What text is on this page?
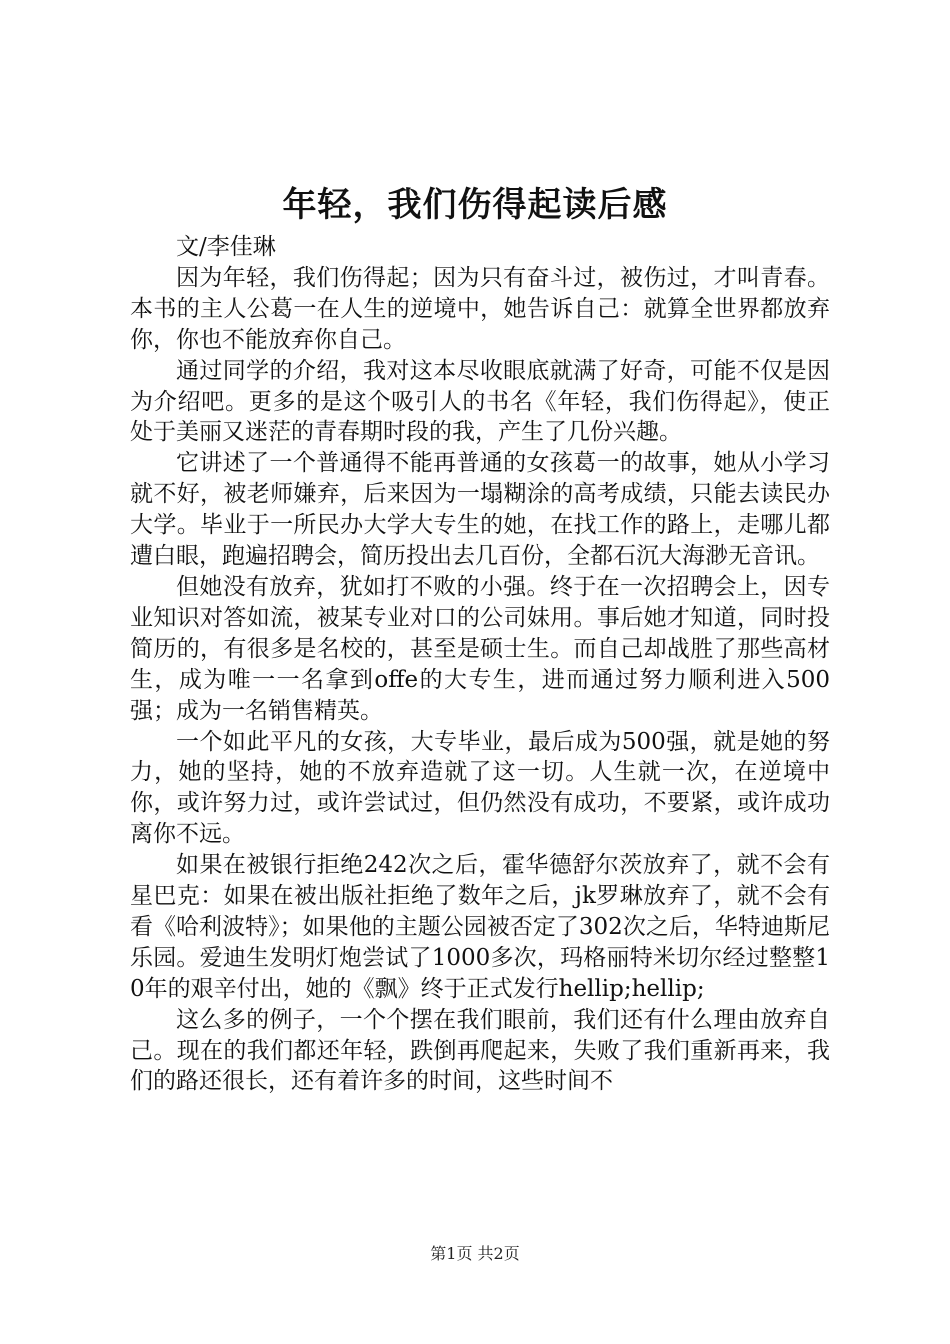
年轻，我们伤得起读后感

文/李佳琳

因为年轻，我们伤得起；因为只有奋斗过，被伤过，才叫青春。本书的主人公葛一在人生的逆境中，她告诉自己：就算全世界都放弃你，你也不能放弃你自己。

通过同学的介绍，我对这本尽收眼底就满了好奇，可能不仅是因为介绍吧。更多的是这个吸引人的书名《年轻，我们伤得起》，使正处于美丽又迷茫的青春期时段的我，产生了几份兴趣。

它讲述了一个普通得不能再普通的女孩葛一的故事，她从小学习就不好，被老师嫌弃，后来因为一塌糊涂的高考成绩，只能去读民办大学。毕业于一所民办大学大专生的她，在找工作的路上，走哪儿都遭白眼，跑遍招聘会，简历投出去几百份，全都石沉大海渺无音讯。

但她没有放弃，犹如打不败的小强。终于在一次招聘会上，因专业知识对答如流，被某专业对口的公司妹用。事后她才知道，同时投简历的，有很多是名校的，甚至是硕士生。而自己却战胜了那些高材生，成为唯一一名拿到offe的大专生，进而通过努力顺利进入500强；成为一名销售精英。

一个如此平凡的女孩，大专毕业，最后成为500强，就是她的努力，她的坚持，她的不放弃造就了这一切。人生就一次，在逆境中你，或许努力过，或许尝试过，但仍然没有成功，不要紧，或许成功离你不远。

如果在被银行拒绝242次之后，霍华德舒尔茨放弃了，就不会有星巴克：如果在被出版社拒绝了数年之后，jk罗琳放弃了，就不会有看《哈利波特》；如果他的主题公园被否定了302次之后，华特迪斯尼乐园。爱迪生发明灯炮尝试了1000多次，玛格丽特米切尔经过整整10年的艰辛付出，她的《飘》终于正式发行hellip;hellip;

这么多的例子，一个个摆在我们眼前，我们还有什么理由放弃自己。现在的我们都还年轻，跌倒再爬起来，失败了我们重新再来，我们的路还很长，还有着许多的时间，这些时间不

第1页 共2页
